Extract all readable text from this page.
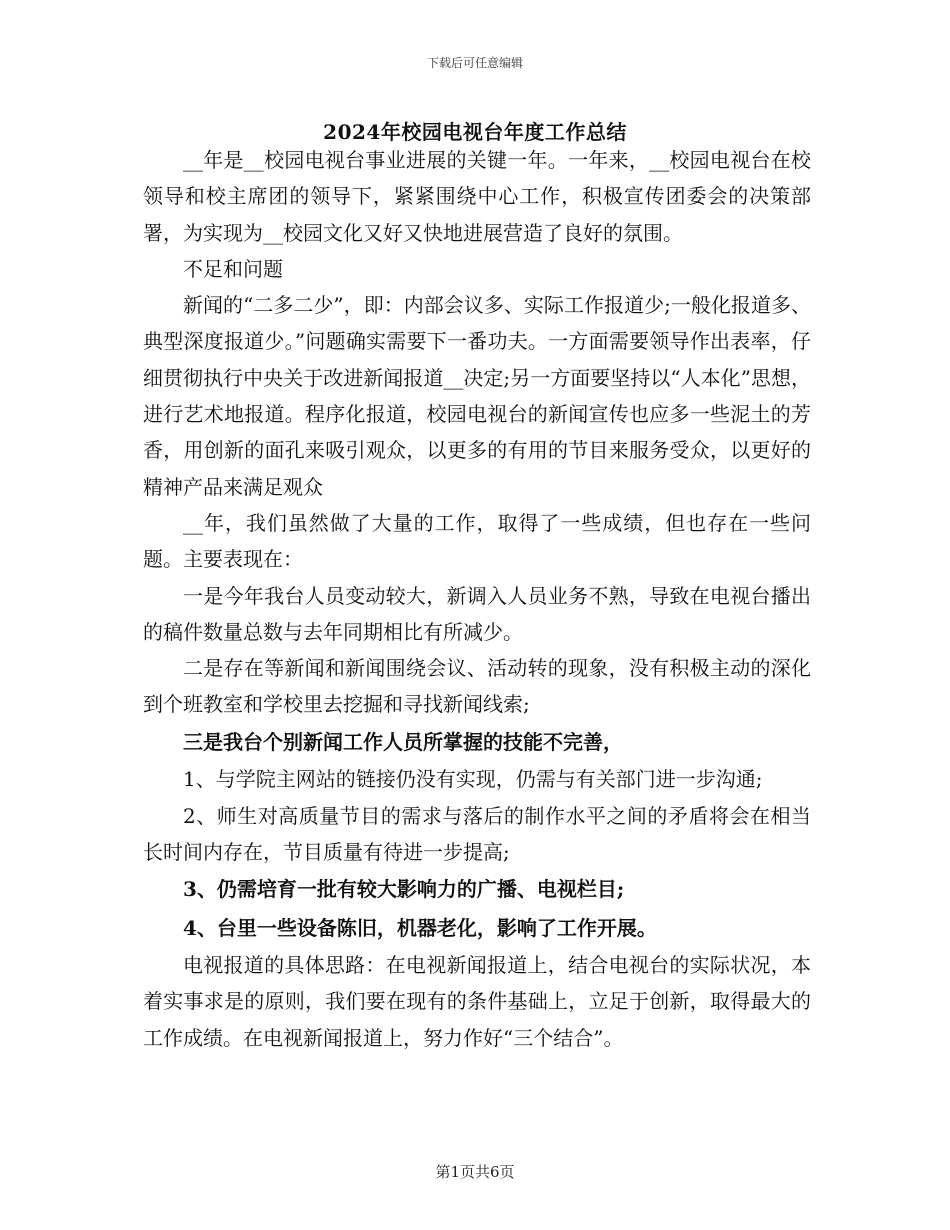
下载后可任意编辑
2024年校园电视台年度工作总结

__年是__校园电视台事业进展的关键一年。一年来，__校园电视台在校领导和校主席团的领导下，紧紧围绕中心工作，积极宣传团委会的决策部署，为实现为__校园文化又好又快地进展营造了良好的氛围。

不足和问题

新闻的“二多二少”，即：内部会议多、实际工作报道少;一般化报道多、典型深度报道少。”问题确实需要下一番功夫。一方面需要领导作出表率，仔细贯彻执行中央关于改进新闻报道__决定;另一方面要坚持以“人本化”思想，进行艺术地报道。程序化报道，校园电视台的新闻宣传也应多一些泥土的芳香，用创新的面孔来吸引观众，以更多的有用的节目来服务受众，以更好的精神产品来满足观众

__年，我们虽然做了大量的工作，取得了一些成绩，但也存在一些问题。主要表现在：

一是今年我台人员变动较大，新调入人员业务不熟，导致在电视台播出的稿件数量总数与去年同期相比有所减少。

二是存在等新闻和新闻围绕会议、活动转的现象，没有积极主动的深化到个班教室和学校里去挖掘和寻找新闻线索;

三是我台个别新闻工作人员所掌握的技能不完善，

1、与学院主网站的链接仍没有实现，仍需与有关部门进一步沟通;

2、师生对高质量节目的需求与落后的制作水平之间的矛盾将会在相当长时间内存在，节目质量有待进一步提高;

3、仍需培育一批有较大影响力的广播、电视栏目;

4、台里一些设备陈旧，机器老化，影响了工作开展。

电视报道的具体思路：在电视新闻报道上，结合电视台的实际状况，本着实事求是的原则，我们要在现有的条件基础上，立足于创新，取得最大的工作成绩。在电视新闻报道上，努力作好“三个结合”。

第1页共6页
